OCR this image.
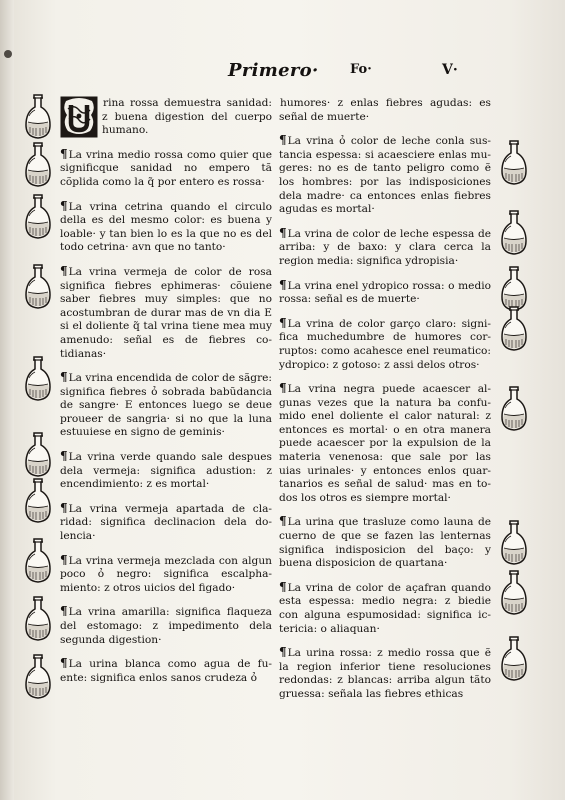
Primero· Fo·	V·

rina rossa demuestra sanidad: z buena digestion del cuerpo humano.

¶La vrina medio rossa como quier que significque sanidad no empero tã cõplida como la q̃ por entero es rossa·

¶La vrina cetrina quando el circulo della es del mesmo color: es buena y loable· y tan bien lo es la que no es del todo cetrina· avn que no tanto·

¶La vrina vermeja de color de rosa significa fiebres ephimeras· cõuiene saber fiebres muy simples: que no acostumbran de durar mas de vn dia E si el doliente q̃ tal vrina tiene mea muy amenudo: señal es de fiebres cotidianas·

¶La vrina encendida de color de sãgre: significa fiebres ỏ sobrada babũdancia de sangre· E entonces luego se deue proueer de sangria· si no que la luna estuuiese en signo de geminis·

¶La vrina verde quando sale despues dela vermeja: significa adustion: z encendimiento: z es mortal·

¶La vrina vermeja apartada de claridad: significa declinacion dela dolencia·

¶La vrina vermeja mezclada con algun poco ỏ negro: significa escalphamiento: z otros uicios del figado·

¶La vrina amarilla: significa flaqueza del estomago: z impedimento dela segunda digestion·

¶La urina blanca como agua de fuente: significa enlos sanos crudeza ỏ

humores· z enlas fiebres agudas: es señal de muerte·

¶La vrina ỏ color de leche conla sustancia espessa: si acaesciere enlas mugeres: no es de tanto peligro como ẽ los hombres: por las indisposiciones dela madre· ca entonces enlas fiebres agudas es mortal·

¶La vrina de color de leche espessa de arriba: y de baxo: y clara cerca la region media: significa ydropisia·

¶La vrina enel ydropico rossa: o medio rossa: señal es de muerte·

¶La vrina de color garço claro: significa muchedumbre de humores corruptos: como acahesce enel reumatico: ydropico: z gotoso: z assi delos otros·

¶La vrina negra puede acaescer algunas vezes que la natura ba confumido enel doliente el calor natural: z entonces es mortal· o en otra manera puede acaescer por la expulsion de la materia venenosa: que sale por las uias urinales· y entonces enlos quartanarios es señal de salud· mas en todos los otros es siempre mortal·

¶La urina que trasluze como launa de cuerno de que se fazen las lenternas significa indisposicion del baço: y buena disposicion de quartana·

¶La vrina de color de açafran quando esta espessa: medio negra: z biedie con alguna espumosidad: significa ictericia: o aliaquan·

¶La urina rossa: z medio rossa que ẽ la region inferior tiene resoluciones redondas: z blancas: arriba algun tãto gruessa: señala las fiebres ethicas
